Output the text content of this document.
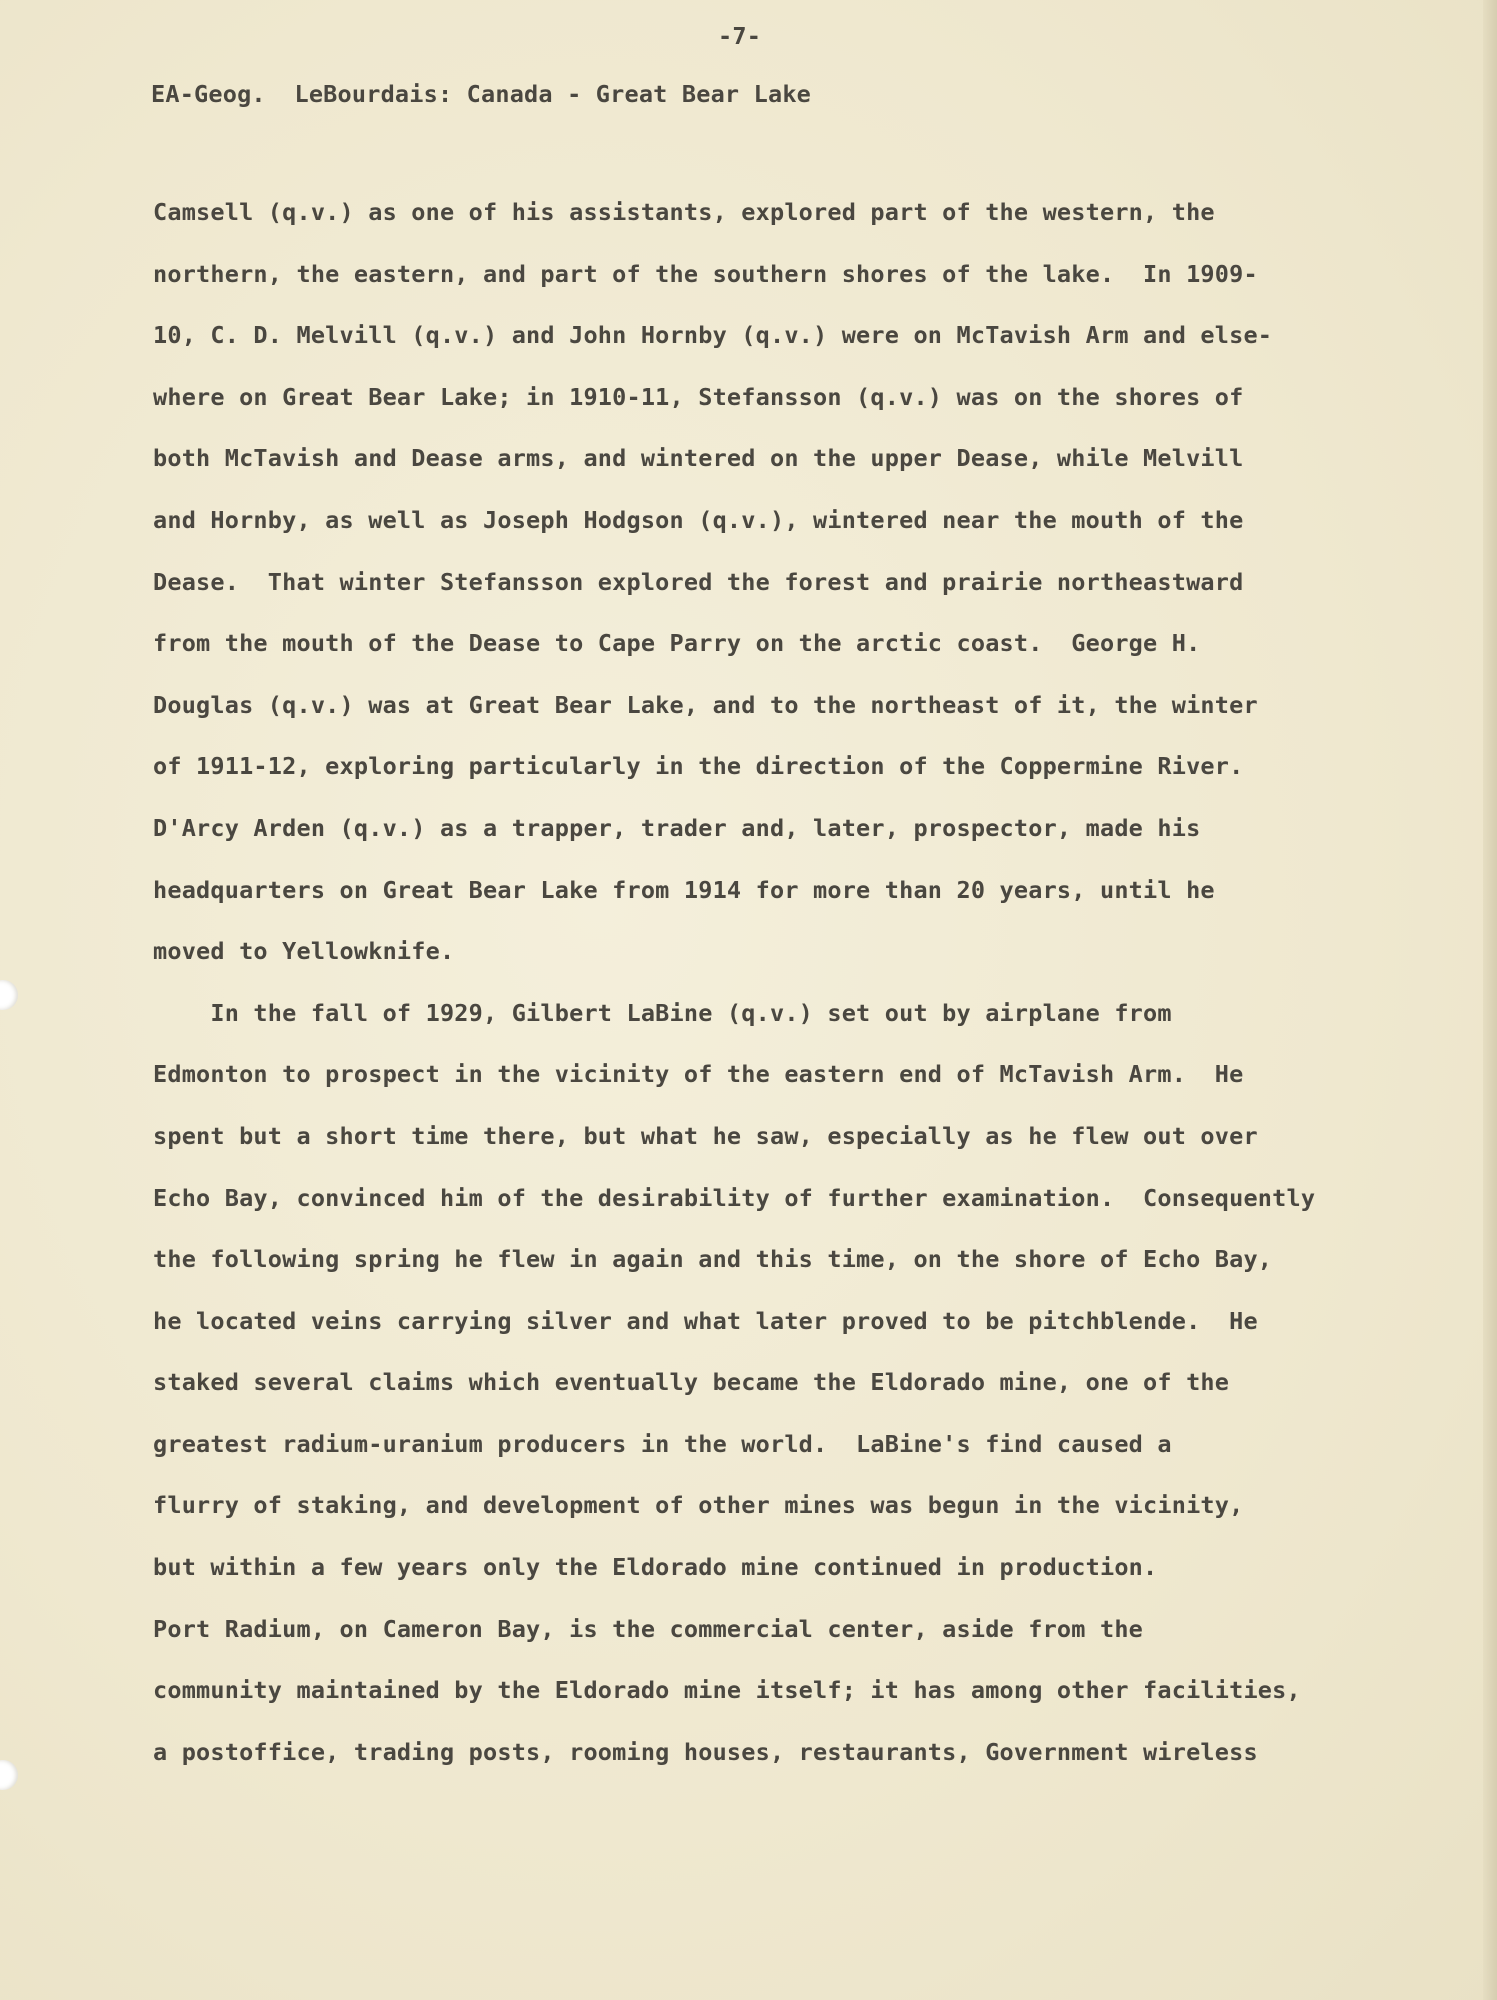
-7-

EA-Geog.  LeBourdais: Canada - Great Bear Lake

Camsell (q.v.) as one of his assistants, explored part of the western, the
northern, the eastern, and part of the southern shores of the lake.  In 1909-
10, C. D. Melvill (q.v.) and John Hornby (q.v.) were on McTavish Arm and else-
where on Great Bear Lake; in 1910-11, Stefansson (q.v.) was on the shores of
both McTavish and Dease arms, and wintered on the upper Dease, while Melvill
and Hornby, as well as Joseph Hodgson (q.v.), wintered near the mouth of the
Dease.  That winter Stefansson explored the forest and prairie northeastward
from the mouth of the Dease to Cape Parry on the arctic coast.  George H.
Douglas (q.v.) was at Great Bear Lake, and to the northeast of it, the winter
of 1911-12, exploring particularly in the direction of the Coppermine River.
D'Arcy Arden (q.v.) as a trapper, trader and, later, prospector, made his
headquarters on Great Bear Lake from 1914 for more than 20 years, until he
moved to Yellowknife.
In the fall of 1929, Gilbert LaBine (q.v.) set out by airplane from
Edmonton to prospect in the vicinity of the eastern end of McTavish Arm.  He
spent but a short time there, but what he saw, especially as he flew out over
Echo Bay, convinced him of the desirability of further examination.  Consequently
the following spring he flew in again and this time, on the shore of Echo Bay,
he located veins carrying silver and what later proved to be pitchblende.  He
staked several claims which eventually became the Eldorado mine, one of the
greatest radium-uranium producers in the world.  LaBine's find caused a
flurry of staking, and development of other mines was begun in the vicinity,
but within a few years only the Eldorado mine continued in production.
Port Radium, on Cameron Bay, is the commercial center, aside from the
community maintained by the Eldorado mine itself; it has among other facilities,
a postoffice, trading posts, rooming houses, restaurants, Government wireless
